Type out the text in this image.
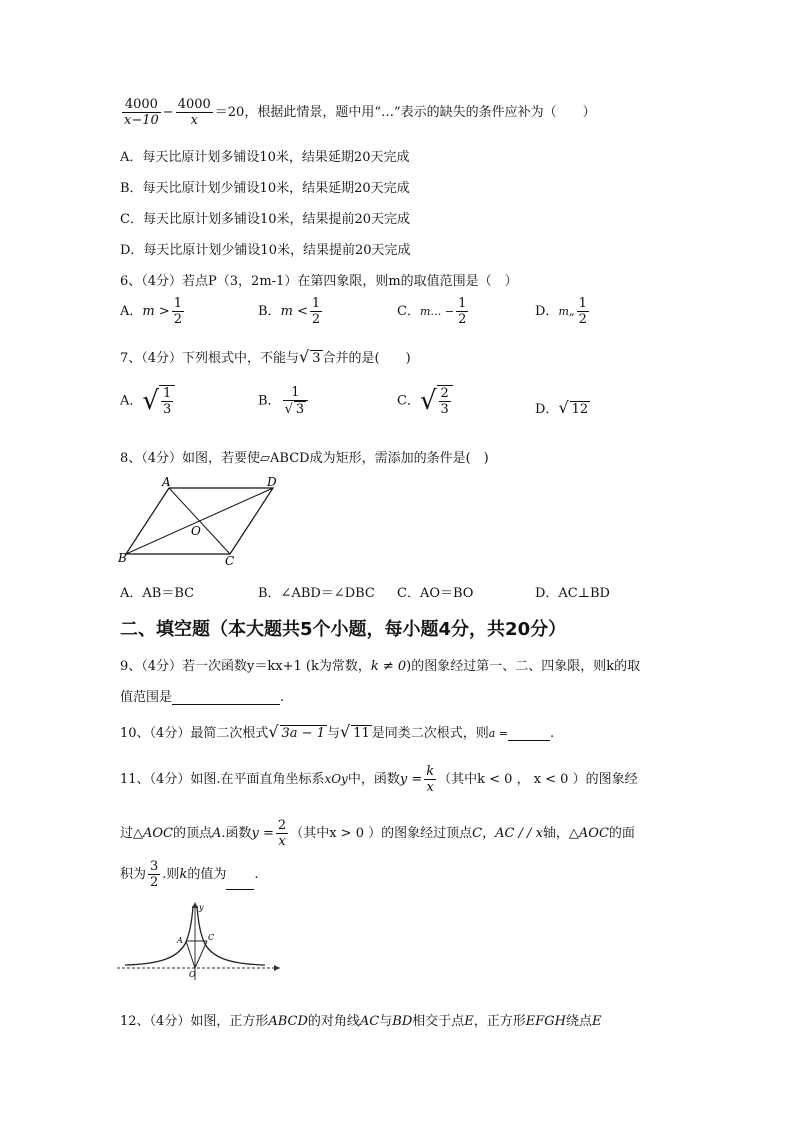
$\frac{4000}{x-10} - \frac{4000}{x} =20$，根据此情景，题中用“…”表示的缺失的条件应补为（　　）
A．每天比原计划多铺设10米，结果延期20天完成
B．每天比原计划少铺设10米，结果延期20天完成
C．每天比原计划多铺设10米，结果提前20天完成
D．每天比原计划少铺设10米，结果提前20天完成
6、（4分）若点P（3，2m-1）在第四象限，则m的取值范围是（　）
A．$m > \frac{1}{2}$	B．$m < \frac{1}{2}$	C．m… − $\frac{1}{2}$	D．m„ $\frac{1}{2}$
7、（4分）下列根式中，不能与√ 3 合并的是(　　)
A．√ $\frac{1}{3}$	B． $\frac{1}{√ 3}$	C．√ $\frac{2}{3}$	D．√ 12
8、（4分）如图，若要使▱ABCD成为矩形，需添加的条件是(　)
A	D
B	C
O
A．AB＝BC	B．∠ABD＝∠DBC C．AO＝BO	D．AC⊥BD
二、填空题（本大题共5个小题，每小题4分，共20分）
9、（4分）若一次函数y＝kx+1 (k为常数，k ≠ 0)的图象经过第一、二、四象限，则k的取
值范围是	.
10、（4分）最简二次根式√ 3a − 1 与√ 11 是同类二次根式，则a =	.
11、（4分）如图.在平面直角坐标系xOy中，函数$y = \frac{k}{x}$ （其中k < 0 ， x < 0 ）的图象经
过△AOC的顶点A.函数$y = \frac{2}{x}$ （其中x > 0 ）的图象经过顶点C，AC / / x轴，△AOC的面
积为 $\frac{3}{2}$ .则k的值为 .
A	C
O
y
12、（4分）如图，正方形ABCD的对角线AC与BD相交于点E，正方形EFGH绕点E
